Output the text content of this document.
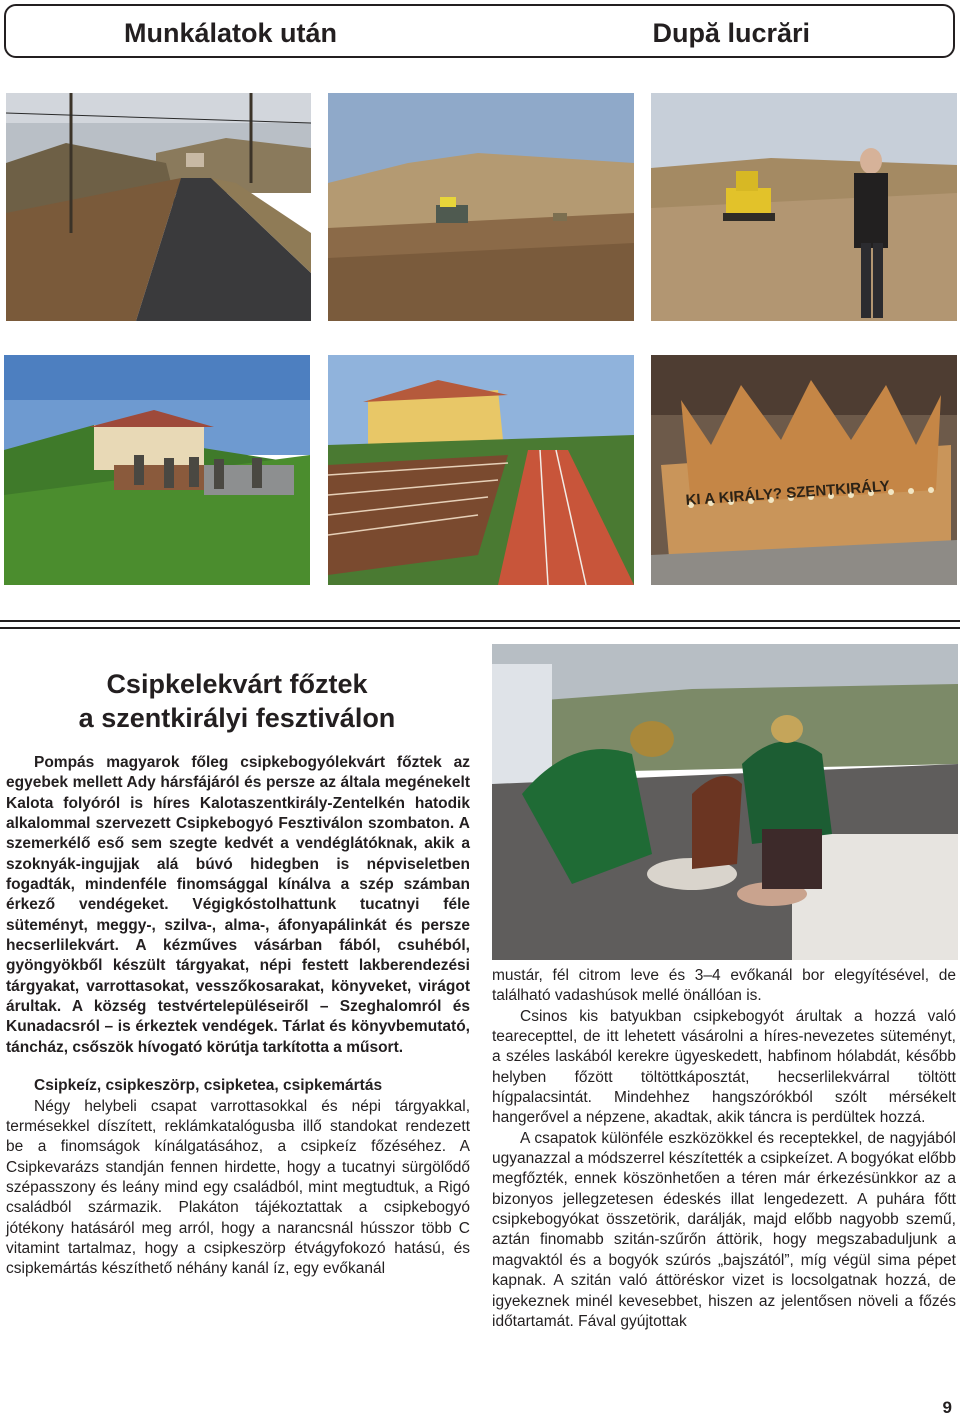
Munkálatok után	După lucrări
KI A KIRÁLY? SZENTKIRÁLY
Csipkelekvárt főztek
a szentkirályi fesztiválon

Pompás magyarok főleg csipkebogyólekvárt főztek az egyebek mellett Ady hársfájáról és persze az általa megénekelt Kalota folyóról is híres Kalotaszentkirály-Zentelkén hatodik alkalommal szervezett Csipkebogyó Fesztiválon szombaton. A szemerkélő eső sem szegte kedvét a vendéglátóknak, akik a szoknyák-ingujjak alá búvó hidegben is népviseletben fogadták, mindenféle finomsággal kínálva a szép számban érkező vendégeket. Végigkóstolhattunk tucatnyi féle süteményt, meggy-, szilva-, alma-, áfonyapálinkát és persze hecserlilekvárt. A kézműves vásárban fából, csuhéból, gyöngyökből készült tárgyakat, népi festett lakberendezési tárgyakat, varrottasokat, vesszőkosarakat, könyveket, virágot árultak. A község testvértelepüléseiről – Szeghalomról és Kunadacsról – is érkeztek vendégek. Tárlat és könyvbemutató, táncház, csőszök hívogató körútja tarkította a műsort.

Csipkeíz, csipkeszörp, csipketea, csipkemártás

Négy helybeli csapat varrottasokkal és népi tárgyakkal, termésekkel díszített, reklámkatalógusba illő standokat rendezett be a finomságok kínálgatásához, a csipkeíz főzéséhez. A Csipkevarázs standján fennen hirdette, hogy a tucatnyi sürgölődő szépasszony és leány mind egy családból, mint megtudtuk, a Rigó családból származik. Plakáton tájékoztattak a csipkebogyó jótékony hatásáról meg arról, hogy a narancsnál hússzor több C vitamint tartalmaz, hogy a csipkeszörp étvágyfokozó hatású, és csipkemártás készíthető néhány kanál íz, egy evőkanál

mustár, fél citrom leve és 3–4 evőkanál bor elegyítésével, de található vadashúsok mellé önállóan is.

Csinos kis batyukban csipkebogyót árultak a hozzá való tearecepttel, de itt lehetett vásárolni a híres-nevezetes süteményt, a széles laskából kerekre ügyeskedett, habfinom hólabdát, később helyben főzött töltöttkáposztát, hecserlilekvárral töltött hígpalacsintát. Mindehhez hangszórókból szólt mérsékelt hangerővel a népzene, akadtak, akik táncra is perdültek hozzá.

A csapatok különféle eszközökkel és receptekkel, de nagyjából ugyanazzal a módszerrel készítették a csipkeízet. A bogyókat előbb megfőzték, ennek köszönhetően a téren már érkezésünkkor az a bizonyos jellegzetesen édeskés illat lengedezett. A puhára főtt csipkebogyókat összetörik, darálják, majd előbb nagyobb szemű, aztán finomabb szitán-szűrőn áttörik, hogy megszabaduljunk a magvaktól és a bogyók szúrós „bajszától”, míg végül sima pépet kapnak. A szitán való áttöréskor vizet is locsolgatnak hozzá, de igyekeznek minél kevesebbet, hiszen az jelentősen növeli a főzés időtartamát. Fával gyújtottak

9
